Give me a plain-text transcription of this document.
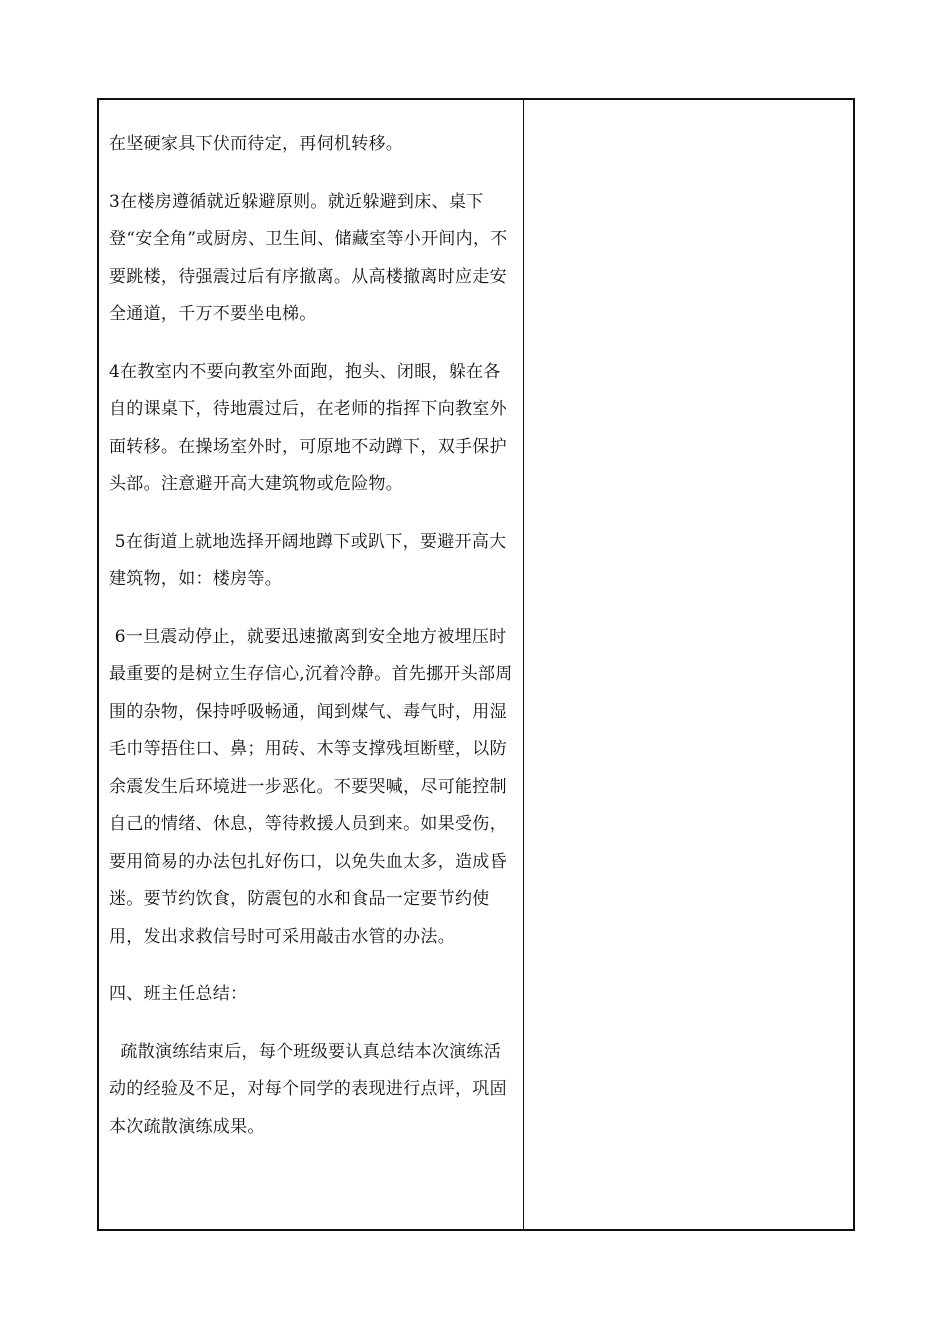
在坚硬家具下伏而待定，再伺机转移。

3在楼房遵循就近躲避原则。就近躲避到床、桌下登“安全角”或厨房、卫生间、储藏室等小开间内，不要跳楼，待强震过后有序撤离。从高楼撤离时应走安全通道，千万不要坐电梯。

4在教室内不要向教室外面跑，抱头、闭眼，躲在各自的课桌下，待地震过后，在老师的指挥下向教室外面转移。在操场室外时，可原地不动蹲下，双手保护头部。注意避开高大建筑物或危险物。

5在街道上就地选择开阔地蹲下或趴下，要避开高大建筑物，如：楼房等。

6一旦震动停止，就要迅速撤离到安全地方被埋压时最重要的是树立生存信心,沉着冷静。首先挪开头部周围的杂物，保持呼吸畅通，闻到煤气、毒气时，用湿毛巾等捂住口、鼻；用砖、木等支撑残垣断壁，以防余震发生后环境进一步恶化。不要哭喊，尽可能控制自己的情绪、休息，等待救援人员到来。如果受伤，要用简易的办法包扎好伤口，以免失血太多，造成昏迷。要节约饮食，防震包的水和食品一定要节约使用，发出求救信号时可采用敲击水管的办法。

四、班主任总结：

疏散演练结束后，每个班级要认真总结本次演练活动的经验及不足，对每个同学的表现进行点评，巩固本次疏散演练成果。
